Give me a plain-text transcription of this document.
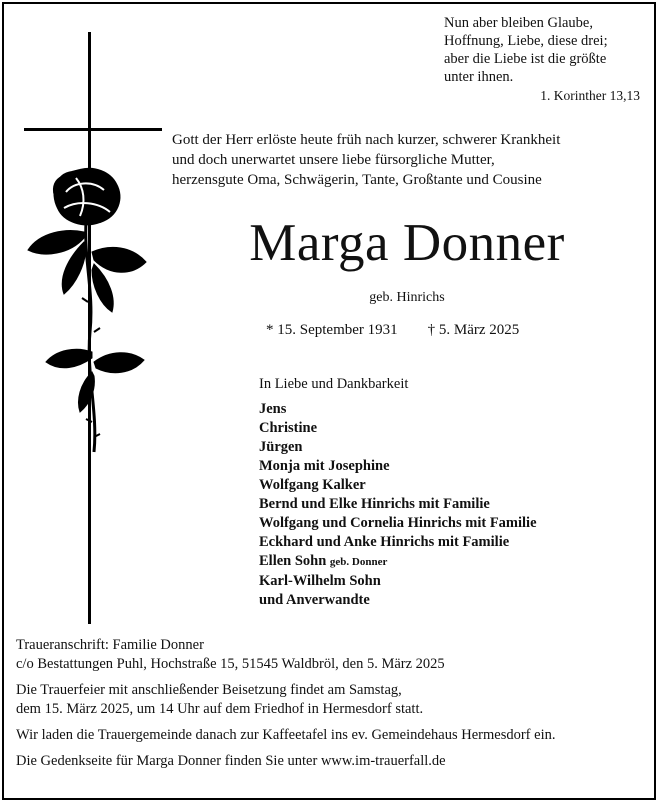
Nun aber bleiben Glaube,
Hoffnung, Liebe, diese drei;
aber die Liebe ist die größte
unter ihnen.
1. Korinther 13,13
Gott der Herr erlöste heute früh nach kurzer, schwerer Krankheit
und doch unerwartet unsere liebe fürsorgliche Mutter,
herzensgute Oma, Schwägerin, Tante, Großtante und Cousine
Marga Donner
geb. Hinrichs
* 15. September 1931 † 5. März 2025
In Liebe und Dankbarkeit
Jens
Christine
Jürgen
Monja mit Josephine
Wolfgang Kalker
Bernd und Elke Hinrichs mit Familie
Wolfgang und Cornelia Hinrichs mit Familie
Eckhard und Anke Hinrichs mit Familie
Ellen Sohn geb. Donner
Karl-Wilhelm Sohn
und Anverwandte

Traueranschrift: Familie Donner
c/o Bestattungen Puhl, Hochstraße 15, 51545 Waldbröl, den 5. März 2025

Die Trauerfeier mit anschließender Beisetzung findet am Samstag,
dem 15. März 2025, um 14 Uhr auf dem Friedhof in Hermesdorf statt.

Wir laden die Trauergemeinde danach zur Kaffeetafel ins ev. Gemeindehaus Hermesdorf ein.

Die Gedenkseite für Marga Donner finden Sie unter www.im-trauerfall.de
